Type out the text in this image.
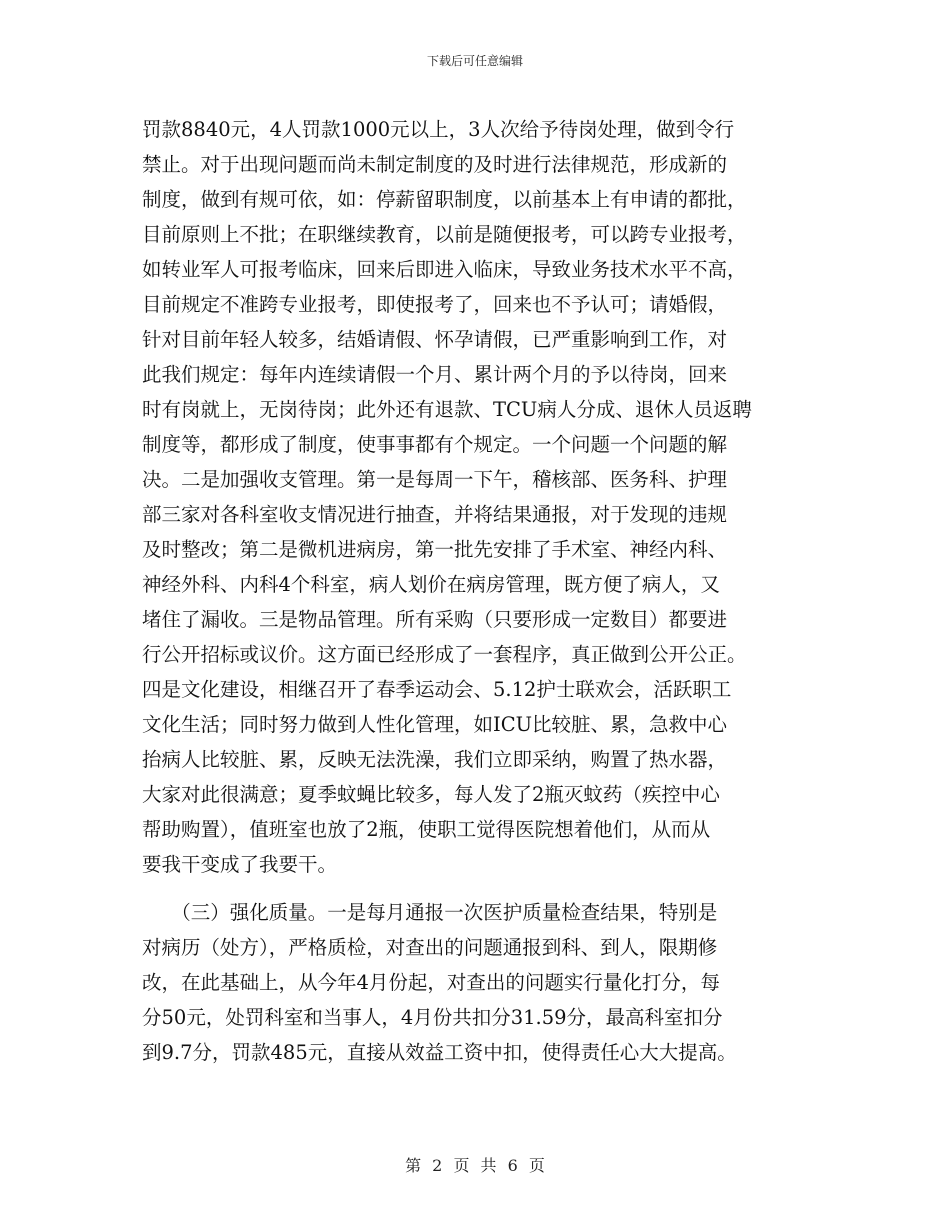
下载后可任意编辑
罚款8840元，4人罚款1000元以上，3人次给予待岗处理，做到令行
禁止。对于出现问题而尚未制定制度的及时进行法律规范，形成新的
制度，做到有规可依，如：停薪留职制度，以前基本上有申请的都批，
目前原则上不批；在职继续教育，以前是随便报考，可以跨专业报考，
如转业军人可报考临床，回来后即进入临床，导致业务技术水平不高，
目前规定不准跨专业报考，即使报考了，回来也不予认可；请婚假，
针对目前年轻人较多，结婚请假、怀孕请假，已严重影响到工作，对
此我们规定：每年内连续请假一个月、累计两个月的予以待岗，回来
时有岗就上，无岗待岗；此外还有退款、TCU病人分成、退休人员返聘
制度等，都形成了制度，使事事都有个规定。一个问题一个问题的解
决。二是加强收支管理。第一是每周一下午，稽核部、医务科、护理
部三家对各科室收支情况进行抽查，并将结果通报，对于发现的违规
及时整改；第二是微机进病房，第一批先安排了手术室、神经内科、
神经外科、内科4个科室，病人划价在病房管理，既方便了病人，又
堵住了漏收。三是物品管理。所有采购（只要形成一定数目）都要进
行公开招标或议价。这方面已经形成了一套程序，真正做到公开公正。
四是文化建设，相继召开了春季运动会、5.12护士联欢会，活跃职工
文化生活；同时努力做到人性化管理，如ICU比较脏、累，急救中心
抬病人比较脏、累，反映无法洗澡，我们立即采纳，购置了热水器，
大家对此很满意；夏季蚊蝇比较多，每人发了2瓶灭蚊药（疾控中心
帮助购置），值班室也放了2瓶，使职工觉得医院想着他们，从而从
要我干变成了我要干。
　　（三）强化质量。一是每月通报一次医护质量检查结果，特别是
对病历（处方），严格质检，对查出的问题通报到科、到人，限期修
改，在此基础上，从今年4月份起，对查出的问题实行量化打分，每
分50元，处罚科室和当事人，4月份共扣分31.59分，最高科室扣分
到9.7分，罚款485元，直接从效益工资中扣，使得责任心大大提高。
第 2 页 共 6 页
